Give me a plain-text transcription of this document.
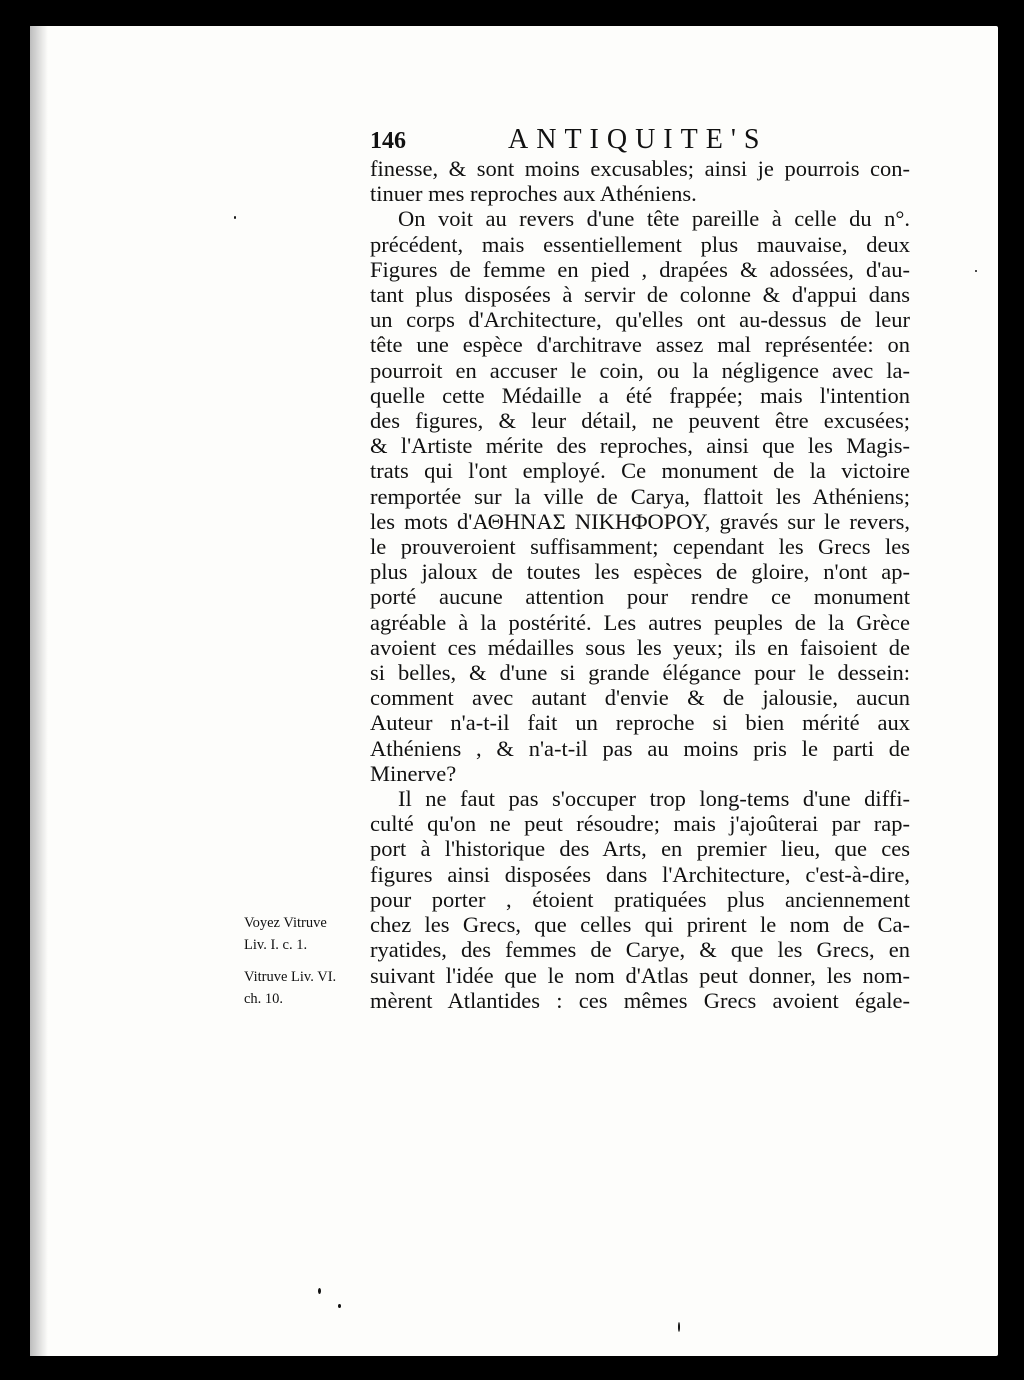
146	ANTIQUITE'S
finesse, & sont moins excusables; ainsi je pourrois con-
tinuer mes reproches aux Athéniens.
On voit au revers d'une tête pareille à celle du n°.
précédent, mais essentiellement plus mauvaise, deux
Figures de femme en pied , drapées & adossées, d'au-
tant plus disposées à servir de colonne & d'appui dans
un corps d'Architecture, qu'elles ont au-dessus de leur
tête une espèce d'architrave assez mal représentée: on
pourroit en accuser le coin, ou la négligence avec la-
quelle cette Médaille a été frappée; mais l'intention
des figures, & leur détail, ne peuvent être excusées;
& l'Artiste mérite des reproches, ainsi que les Magis-
trats qui l'ont employé. Ce monument de la victoire
remportée sur la ville de Carya, flattoit les Athéniens;
les mots d'ΑΘΗΝΑΣ ΝΙΚΗΦΟΡΟΥ, gravés sur le revers,
le prouveroient suffisamment; cependant les Grecs les
plus jaloux de toutes les espèces de gloire, n'ont ap-
porté aucune attention pour rendre ce monument
agréable à la postérité. Les autres peuples de la Grèce
avoient ces médailles sous les yeux; ils en faisoient de
si belles, & d'une si grande élégance pour le dessein:
comment avec autant d'envie & de jalousie, aucun
Auteur n'a-t-il fait un reproche si bien mérité aux
Athéniens , & n'a-t-il pas au moins pris le parti de
Minerve?
Il ne faut pas s'occuper trop long-tems d'une diffi-
culté qu'on ne peut résoudre; mais j'ajoûterai par rap-
port à l'historique des Arts, en premier lieu, que ces
figures ainsi disposées dans l'Architecture, c'est-à-dire,
pour porter , étoient pratiquées plus anciennement
chez les Grecs, que celles qui prirent le nom de Ca-
ryatides, des femmes de Carye, & que les Grecs, en
suivant l'idée que le nom d'Atlas peut donner, les nom-
mèrent Atlantides : ces mêmes Grecs avoient égale-
Voyez Vitruve
Liv. I. c. 1.
Vitruve Liv. VI.
ch. 10.
